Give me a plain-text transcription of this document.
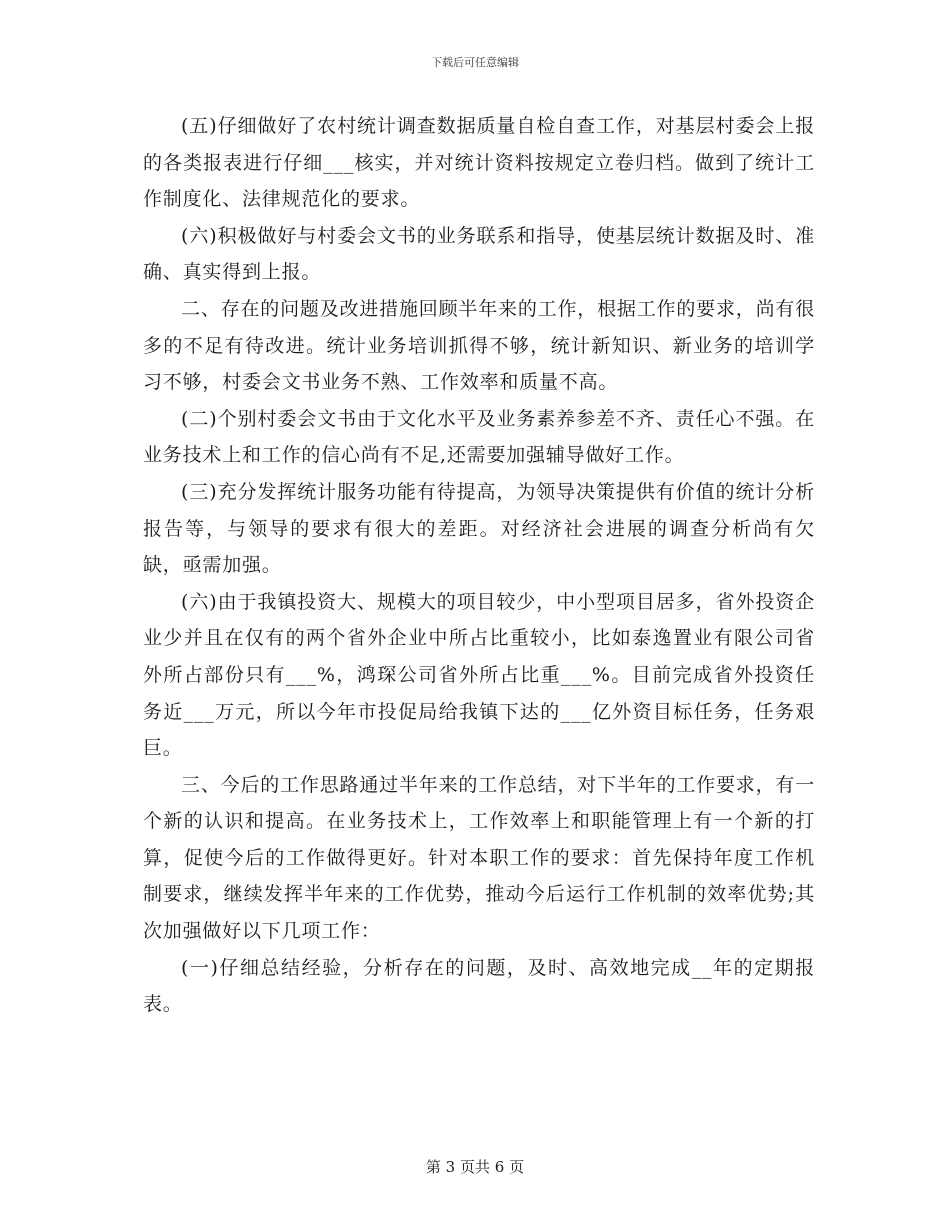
下载后可任意编辑

(五)仔细做好了农村统计调查数据质量自检自查工作，对基层村委会上报的各类报表进行仔细___核实，并对统计资料按规定立卷归档。做到了统计工作制度化、法律规范化的要求。

(六)积极做好与村委会文书的业务联系和指导，使基层统计数据及时、准确、真实得到上报。

二、存在的问题及改进措施回顾半年来的工作，根据工作的要求，尚有很多的不足有待改进。统计业务培训抓得不够，统计新知识、新业务的培训学习不够，村委会文书业务不熟、工作效率和质量不高。

(二)个别村委会文书由于文化水平及业务素养参差不齐、责任心不强。在业务技术上和工作的信心尚有不足,还需要加强辅导做好工作。

(三)充分发挥统计服务功能有待提高，为领导决策提供有价值的统计分析报告等，与领导的要求有很大的差距。对经济社会进展的调查分析尚有欠缺，亟需加强。

(六)由于我镇投资大、规模大的项目较少，中小型项目居多，省外投资企业少并且在仅有的两个省外企业中所占比重较小，比如泰逸置业有限公司省外所占部份只有___%，鸿琛公司省外所占比重___%。目前完成省外投资任务近___万元，所以今年市投促局给我镇下达的___亿外资目标任务，任务艰巨。

三、今后的工作思路通过半年来的工作总结，对下半年的工作要求，有一个新的认识和提高。在业务技术上，工作效率上和职能管理上有一个新的打算，促使今后的工作做得更好。针对本职工作的要求：首先保持年度工作机制要求，继续发挥半年来的工作优势，推动今后运行工作机制的效率优势;其次加强做好以下几项工作：

(一)仔细总结经验，分析存在的问题，及时、高效地完成__年的定期报表。

第 3 页共 6 页
